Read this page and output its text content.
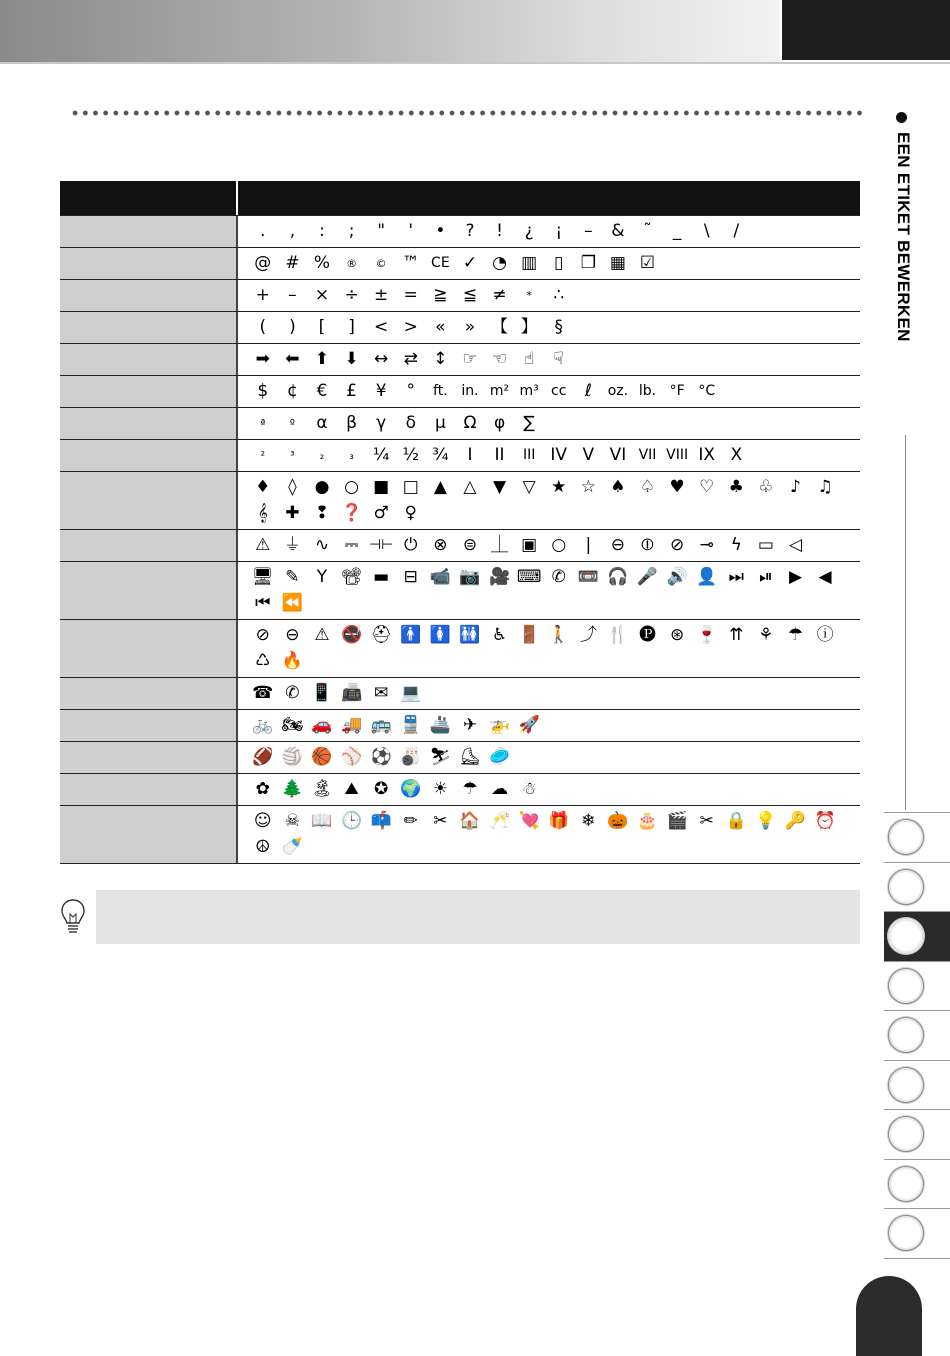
EEN ETIKET BEWERKEN
.	,	:	;	"	'	•	?	!	¿	¡	–	&	˜	_	\	/
@ # %	®	© ™ CE ✓ ◔ ▥ ▯	❐ ▦ ☑
+	–	× ÷ ± = ≧ ≦ ≠	*	∴
(	)	[	]	< >	«	» 【 】 §
➡ ⬅ ⬆ ⬇ ↔ ⇄ ↕ ☞ ☜ ☝	☟
$	¢	€	£	¥	°	ft. in. m² m³ cc	ℓ	oz. lb. °F °C
ª	º	α	β	γ	δ	μ	Ω	φ	∑
²	³	₂	₃	¼ ½ ¾	I	II	III IV V VI VII VIII IX X
♦	◊	● ○ ■ □ ▲ △ ▼ ▽ ★ ☆ ♠ ♤ ♥ ♡ ♣ ♧ ♪ ♫
𝄞	✚ ❢ ❓ ♂ ♀
⚠ ⏚ ∿ ⎓ ⊣⊢ ⏻ ⊗ ⊜ ⏊ ▣ ○	|	⊖ ⦶ ⊘ ⊸ ϟ ▭ ◁
🖥 ✎	Y 📽 ▬ ⊟ 📹 📷 🎥 ⌨ ✆ 📼 🎧 🎤 🔊 👤 ⏭ ⏯ ▶ ◀
⏮ ⏪
⊘ ⊖ ⚠ 🚭 ⛑ 🚹 🚺 🚻 ♿ 🚪 🚶 ⤴ 🍴 🅟 ⊛ 🍷 ⇈ ⚘ ☂ ⓘ
♺ 🔥
☎ ✆ 📱 📠 ✉ 💻
🚲 🏍 🚗 🚚 🚌 🚆 🚢 ✈ 🚁 🚀
🏈 🏐 🏀 ⚾ ⚽ 🎳 ⛷ ⛸ 🥏
✿ 🌲 🏝 ⛰ ✪ 🌍 ☀ ☂ ☁ ☃
☺ ☠ 📖 🕒 📫 ✏ ✂ 🏠 🥂 💘 🎁 ❄ 🎃 🎂 🎬 ✂ 🔒 💡 🔑 ⏰
☮ 🍼
